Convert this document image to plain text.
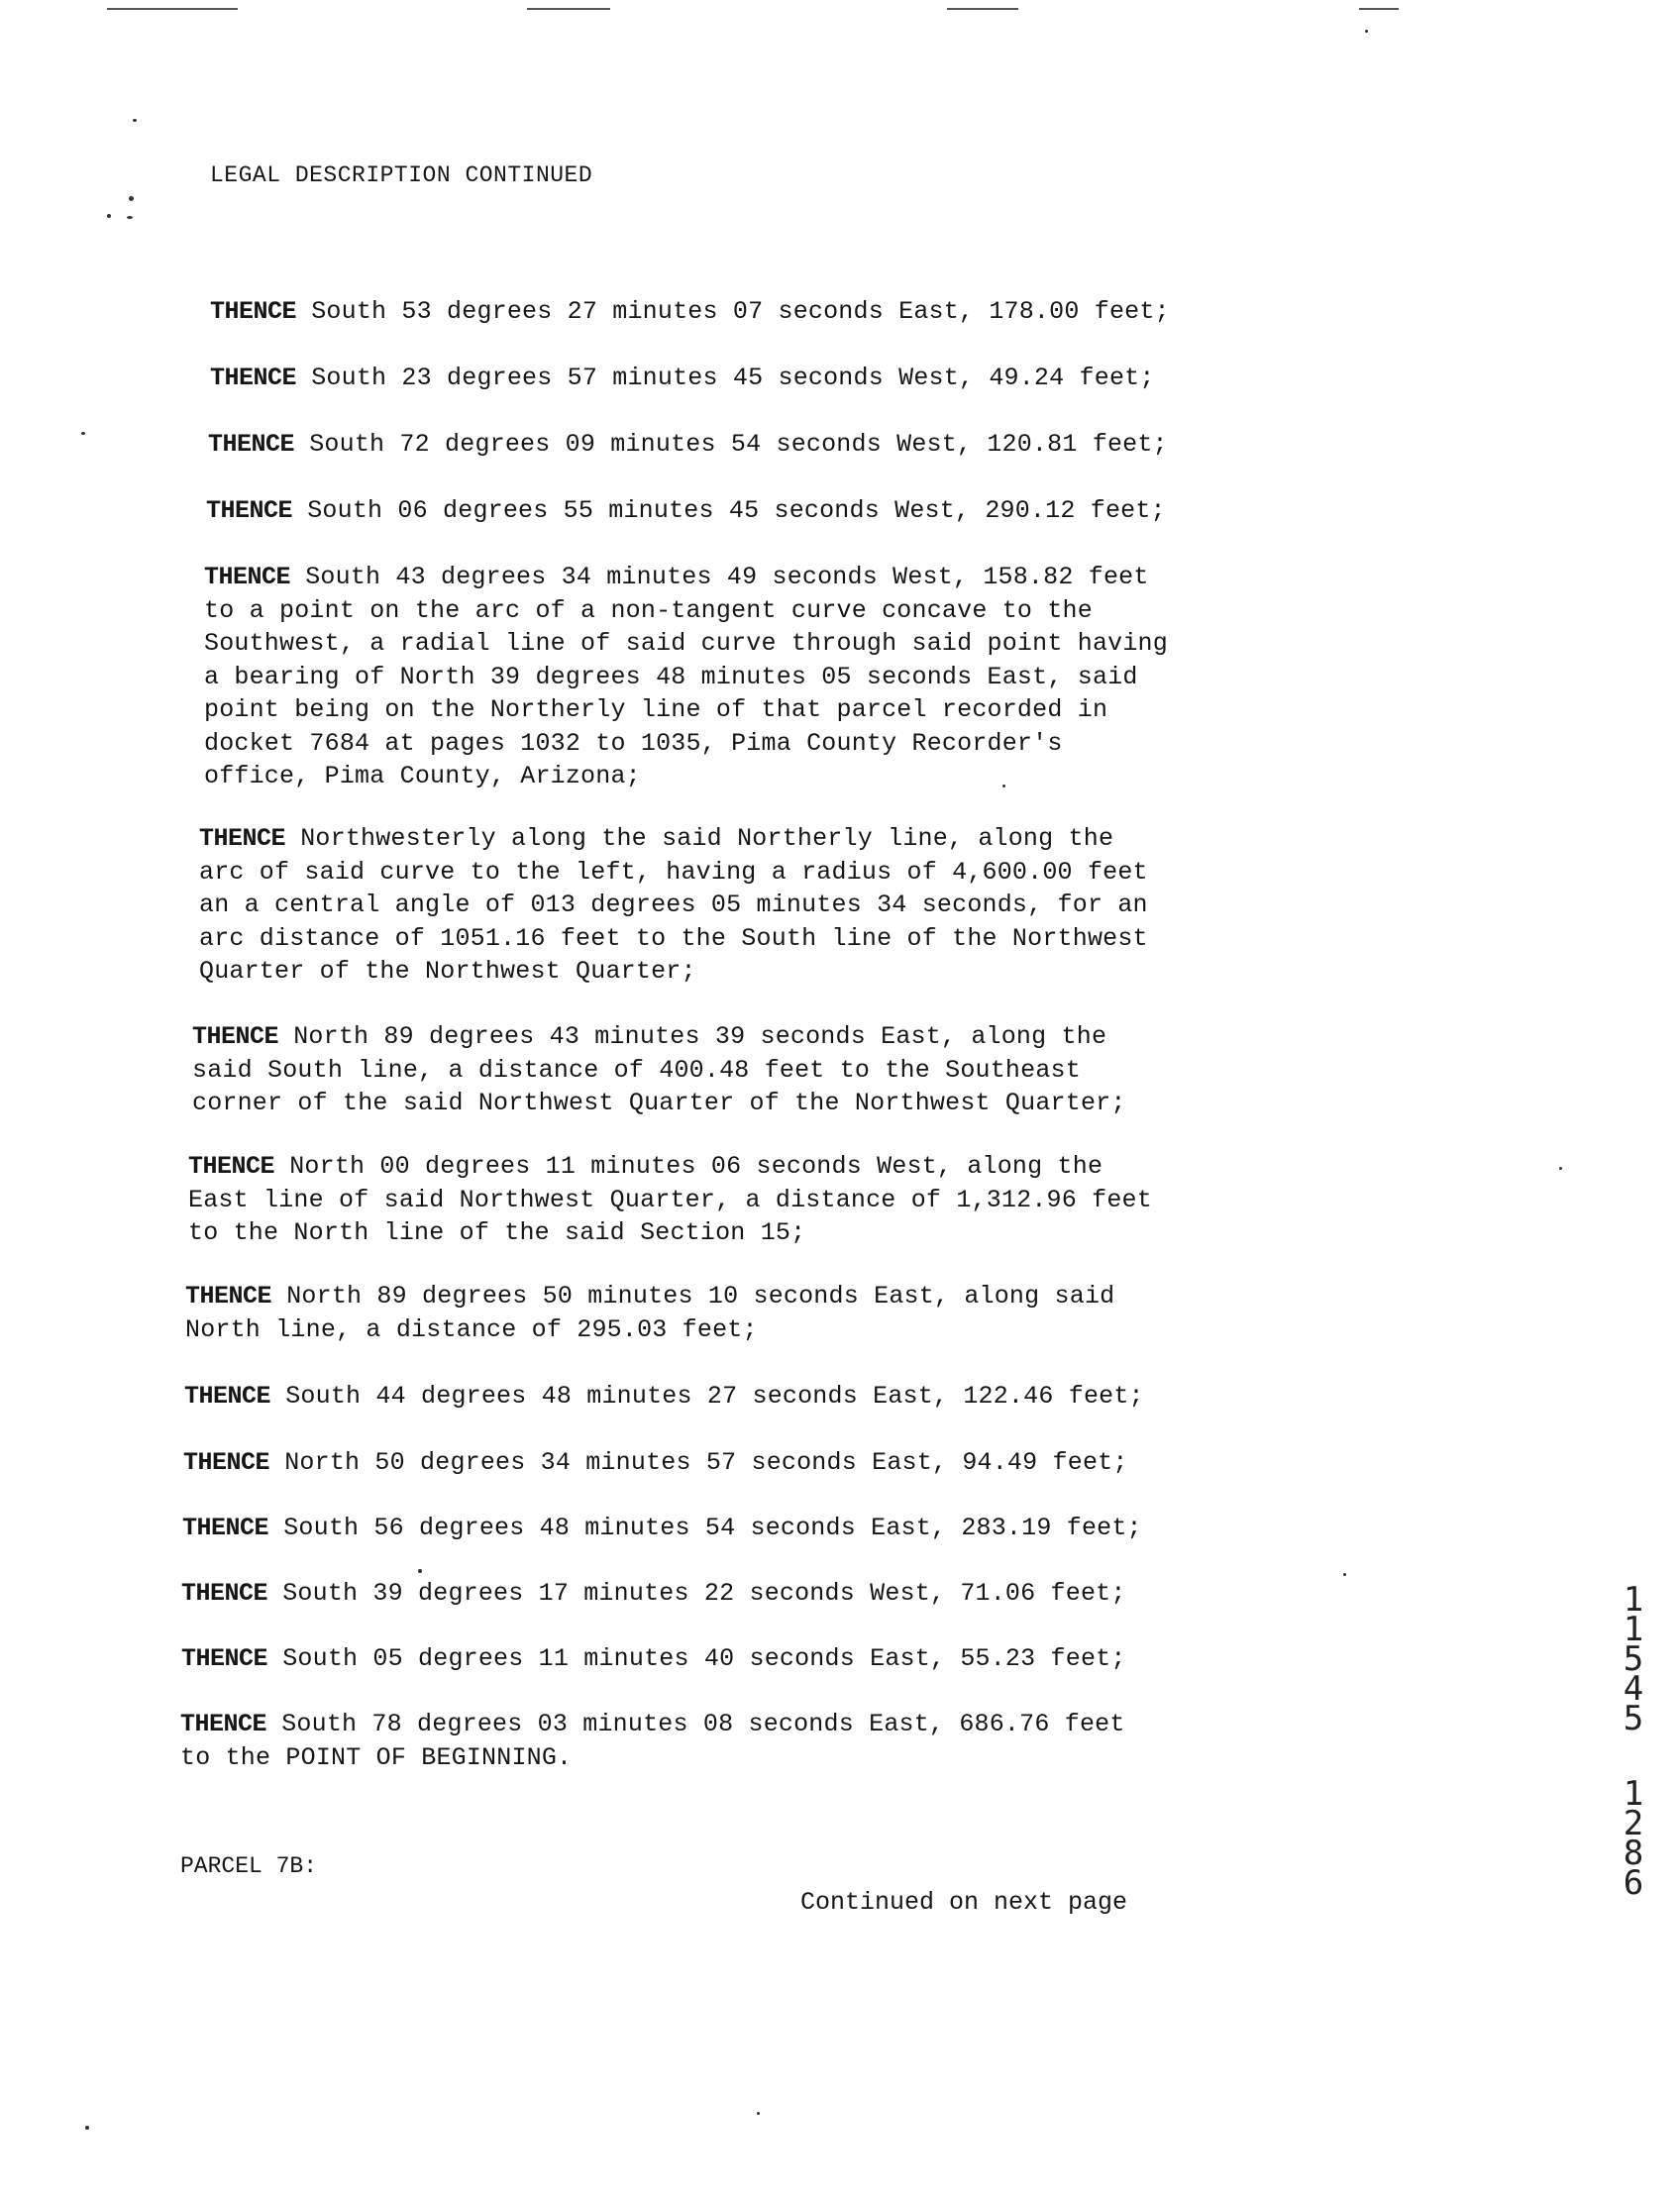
LEGAL DESCRIPTION CONTINUED
THENCE South 53 degrees 27 minutes 07 seconds East, 178.00 feet;
THENCE South 23 degrees 57 minutes 45 seconds West, 49.24 feet;
THENCE South 72 degrees 09 minutes 54 seconds West, 120.81 feet;
THENCE South 06 degrees 55 minutes 45 seconds West, 290.12 feet;
THENCE South 43 degrees 34 minutes 49 seconds West, 158.82 feet
to a point on the arc of a non-tangent curve concave to the
Southwest, a radial line of said curve through said point having
a bearing of North 39 degrees 48 minutes 05 seconds East, said
point being on the Northerly line of that parcel recorded in
docket 7684 at pages 1032 to 1035, Pima County Recorder's
office, Pima County, Arizona;
THENCE Northwesterly along the said Northerly line, along the
arc of said curve to the left, having a radius of 4,600.00 feet
an a central angle of 013 degrees 05 minutes 34 seconds, for an
arc distance of 1051.16 feet to the South line of the Northwest
Quarter of the Northwest Quarter;
THENCE North 89 degrees 43 minutes 39 seconds East, along the
said South line, a distance of 400.48 feet to the Southeast
corner of the said Northwest Quarter of the Northwest Quarter;
THENCE North 00 degrees 11 minutes 06 seconds West, along the
East line of said Northwest Quarter, a distance of 1,312.96 feet
to the North line of the said Section 15;
THENCE North 89 degrees 50 minutes 10 seconds East, along said
North line, a distance of 295.03 feet;
THENCE South 44 degrees 48 minutes 27 seconds East, 122.46 feet;
THENCE North 50 degrees 34 minutes 57 seconds East, 94.49 feet;
THENCE South 56 degrees 48 minutes 54 seconds East, 283.19 feet;
THENCE South 39 degrees 17 minutes 22 seconds West, 71.06 feet;
THENCE South 05 degrees 11 minutes 40 seconds East, 55.23 feet;
THENCE South 78 degrees 03 minutes 08 seconds East, 686.76 feet
to the POINT OF BEGINNING.
PARCEL 7B:
Continued on next page
1
1
5
4
5
1
2
8
6
